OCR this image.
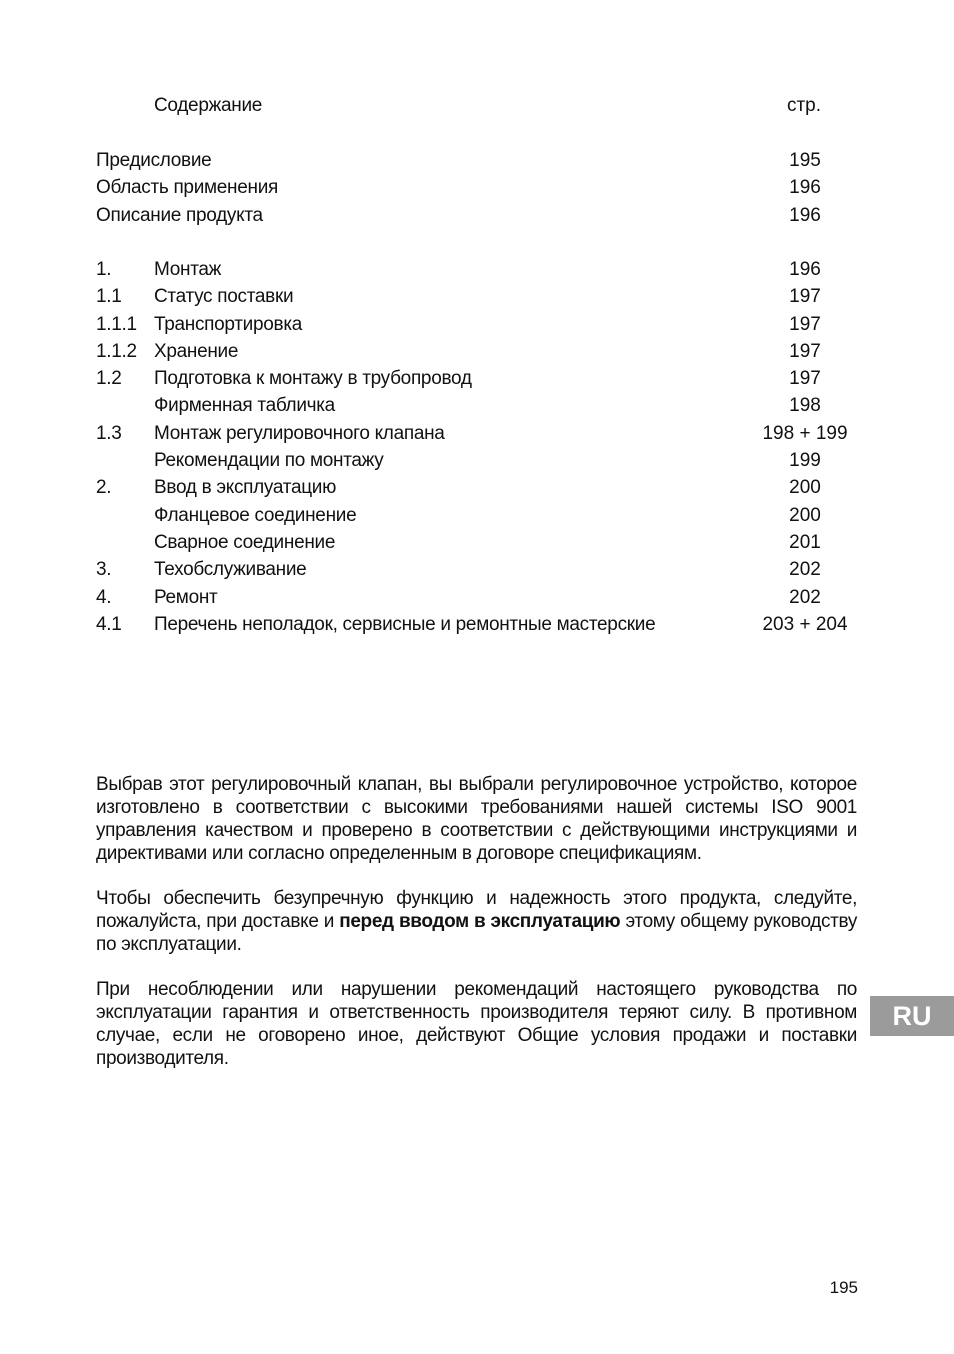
Содержание	стр.
Предисловие	195
Область применения	196
Описание продукта	196
1. Монтаж	196
1.1 Статус поставки	197
1.1.1 Транспортировка	197
1.1.2 Хранение	197
1.2 Подготовка к монтажу в трубопровод	197
Фирменная табличка	198
1.3 Монтаж регулировочного клапана	198 + 199
Рекомендации по монтажу	199
2. Ввод в эксплуатацию	200
Фланцевое соединение	200
Сварное соединение	201
3. Техобслуживание	202
4. Ремонт	202
4.1 Перечень неполадок, сервисные и ремонтные мастерские	203 + 204

Выбрав этот регулировочный клапан, вы выбрали регулировочное устройство, которое изготовлено в соответствии с высокими требованиями нашей системы ISO 9001 управления качеством и проверено в соответствии с действующими инструкциями и директивами или согласно определенным в договоре спецификациям.

Чтобы обеспечить безупречную функцию и надежность этого продукта, следуйте, пожалуйста, при доставке и перед вводом в эксплуатацию этому общему руководству по эксплуатации.

При несоблюдении или нарушении рекомендаций настоящего руководства по эксплуатации гарантия и ответственность производителя теряют силу. В противном случае, если не оговорено иное, действуют Общие условия продажи и поставки производителя.

RU
195
